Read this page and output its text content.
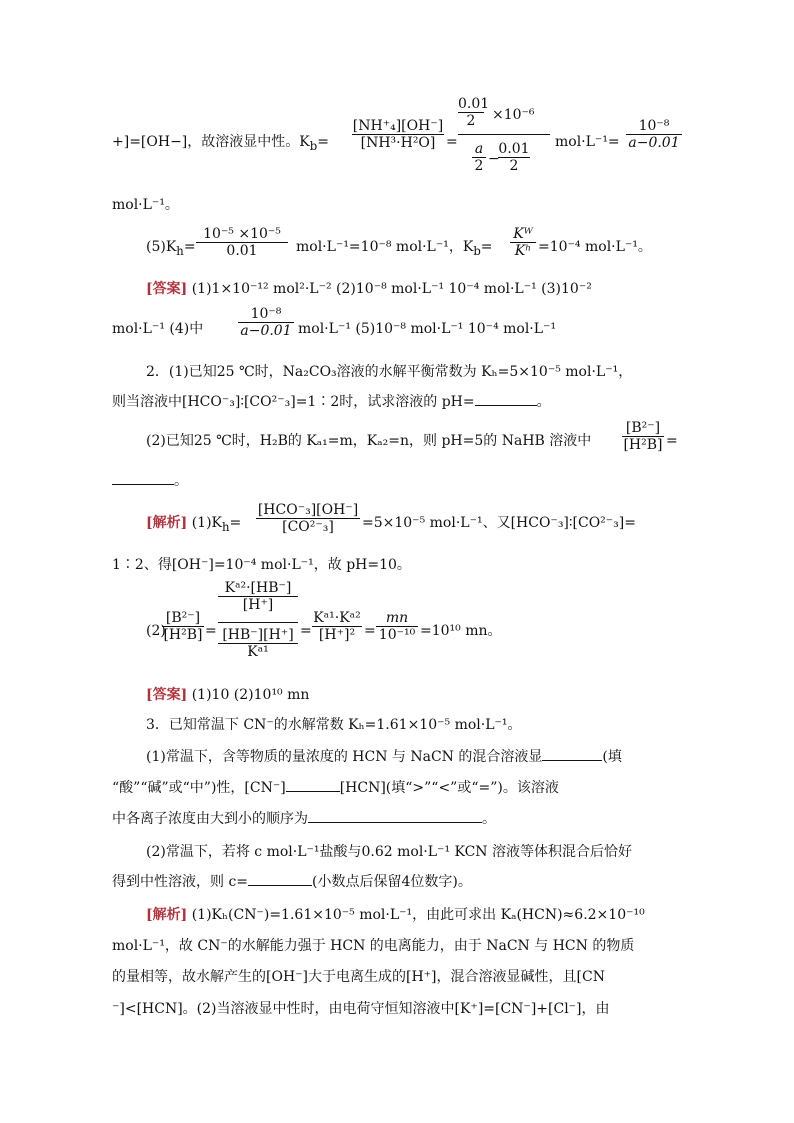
+]=[OH−]，故溶液显中性。$K_b= \frac{\text{[NH⁺₄][OH⁻]}}{\text{[NH³·H²O]}} = \frac{0.01}{2} \times 10^{-6}$
$\frac{a}{2}$ −
$\frac{0.01}{2} mol\cdot L^{-1}= \frac{\text{10⁻⁸}}{a-0.01}$
mol·L⁻¹。
$(5)K_h= \frac{\text{10⁻⁵ ×10⁻⁵}}{0.01} mol\cdot L^{-1}=10^{-8}$ mol·L⁻¹，$K_b= \frac{\text{Kᵂ}}{\text{Kʰ}} =10^{-4}$ mol·L⁻¹。
[答案] (1)1×10⁻¹² mol²·L⁻² (2)10⁻⁸ mol·L⁻¹ 10⁻⁴ mol·L⁻¹ (3)10⁻²
mol·L⁻¹ (4)中 $\frac{\text{10⁻⁸}}{a-0.01} mol\cdot L^{-1}$ (5)10⁻⁸ mol·L⁻¹ 10⁻⁴ mol·L⁻¹
2．(1)已知25 ℃时，Na₂CO₃溶液的水解平衡常数为 Kₕ=5×10⁻⁵ mol·L⁻¹，
则当溶液中[HCO⁻₃]∶[CO²⁻₃]=1∶2时，试求溶液的 pH=	。
(2)已知25 ℃时，H₂B的 Kₐ₁=m，Kₐ₂=n，则 pH=5的 NaHB 溶液中 $\frac{\text{[B²⁻]}}{\text{[H²B]}}$ =
。
[解析] $(1)K_h=$
[HCO⁻₃][OH⁻]
[CO²⁻₃]	=5×10⁻⁵ mol·L⁻¹、又[HCO⁻₃]∶[CO²⁻₃]=
1∶2、得[OH⁻]=10⁻⁴ mol·L⁻¹，故 pH=10。
(2)
$\frac{\text{[B²⁻]}}{\text{[H²B]}}$ = Kᵃ²·[HB⁻]
[H⁺]
[HB⁻][H⁺]
Kᵃ¹ = $\frac{\text{Kᵃ¹·Kᵃ²}}{\text{[H⁺]²}} = \frac{mn}{\text{10⁻¹⁰}} =10^{10}$ mn。
[答案] (1)10 (2)10¹⁰ mn
3．已知常温下 CN⁻的水解常数 Kₕ=1.61×10⁻⁵ mol·L⁻¹。
(1)常温下，含等物质的量浓度的 HCN 与 NaCN 的混合溶液显	(填
“酸”“碱”或“中”)性，[CN⁻]	[HCN](填“>”“<”或“=”)。该溶液
中各离子浓度由大到小的顺序为	。
(2)常温下，若将 c mol·L⁻¹盐酸与0.62 mol·L⁻¹ KCN 溶液等体积混合后恰好
得到中性溶液，则 c=	(小数点后保留4位数字)。
[解析] (1)Kₕ(CN⁻)=1.61×10⁻⁵ mol·L⁻¹，由此可求出 Kₐ(HCN)≈6.2×10⁻¹⁰
mol·L⁻¹，故 CN⁻的水解能力强于 HCN 的电离能力，由于 NaCN 与 HCN 的物质
的量相等，故水解产生的[OH⁻]大于电离生成的[H⁺]，混合溶液显碱性，且[CN
⁻]<[HCN]。(2)当溶液显中性时，由电荷守恒知溶液中[K⁺]=[CN⁻]+[Cl⁻]，由
